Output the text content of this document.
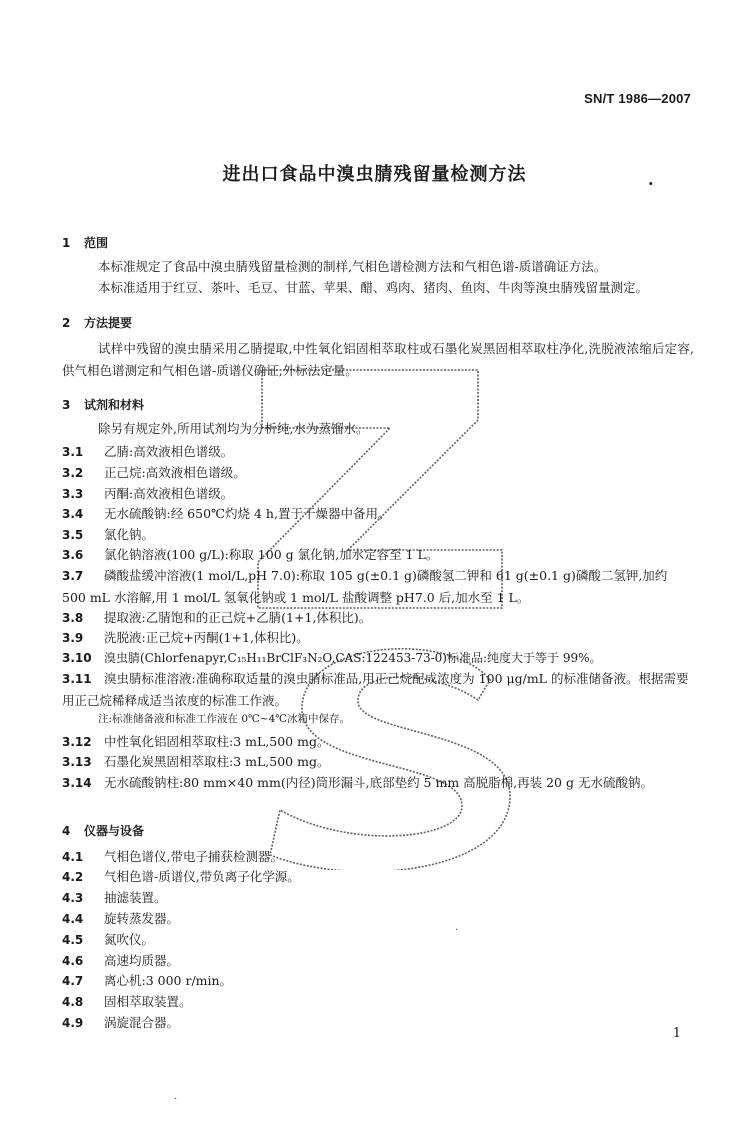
SN/T 1986—2007
进出口食品中溴虫腈残留量检测方法	.
1 范围
本标准规定了食品中溴虫腈残留量检测的制样,气相色谱检测方法和气相色谱-质谱确证方法。
本标准适用于红豆、茶叶、毛豆、甘蓝、苹果、醋、鸡肉、猪肉、鱼肉、牛肉等溴虫腈残留量测定。
2 方法提要
试样中残留的溴虫腈采用乙腈提取,中性氧化铝固相萃取柱或石墨化炭黑固相萃取柱净化,洗脱液浓缩后定容,供气相色谱测定和气相色谱-质谱仪确证,外标法定量。
3 试剂和材料
除另有规定外,所用试剂均为分析纯,水为蒸馏水。
3.1 乙腈:高效液相色谱级。
3.2 正己烷:高效液相色谱级。
3.3 丙酮:高效液相色谱级。
3.4 无水硫酸钠:经 650℃灼烧 4 h,置于干燥器中备用。
3.5 氯化钠。
3.6 氯化钠溶液(100 g/L):称取 100 g 氯化钠,加水定容至 1 L。
3.7 磷酸盐缓冲溶液(1 mol/L,pH 7.0):称取 105 g(±0.1 g)磷酸氢二钾和 61 g(±0.1 g)磷酸二氢钾,加约 500 mL 水溶解,用 1 mol/L 氢氧化钠或 1 mol/L 盐酸调整 pH7.0 后,加水至 1 L。
3.8 提取液:乙腈饱和的正己烷+乙腈(1+1,体积比)。
3.9 洗脱液:正己烷+丙酮(1+1,体积比)。
3.10 溴虫腈(Chlorfenapyr,C₁₅H₁₁BrClF₃N₂O,CAS:122453-73-0)标准品:纯度大于等于 99%。
3.11 溴虫腈标准溶液:准确称取适量的溴虫腈标准品,用正己烷配成浓度为 100 μg/mL 的标准储备液。根据需要用正己烷稀释成适当浓度的标准工作液。
注:标准储备液和标准工作液在 0℃~4℃冰箱中保存。
3.12 中性氧化铝固相萃取柱:3 mL,500 mg。
3.13 石墨化炭黑固相萃取柱:3 mL,500 mg。
3.14 无水硫酸钠柱:80 mm×40 mm(内径)筒形漏斗,底部垫约 5 mm 高脱脂棉,再装 20 g 无水硫酸钠。
4 仪器与设备
4.1 气相色谱仪,带电子捕获检测器。
4.2 气相色谱-质谱仪,带负离子化学源。
4.3 抽滤装置。
4.4 旋转蒸发器。
4.5 氮吹仪。
4.6 高速均质器。
4.7 离心机:3 000 r/min。
4.8 固相萃取装置。
4.9 涡旋混合器。
·
·
1
